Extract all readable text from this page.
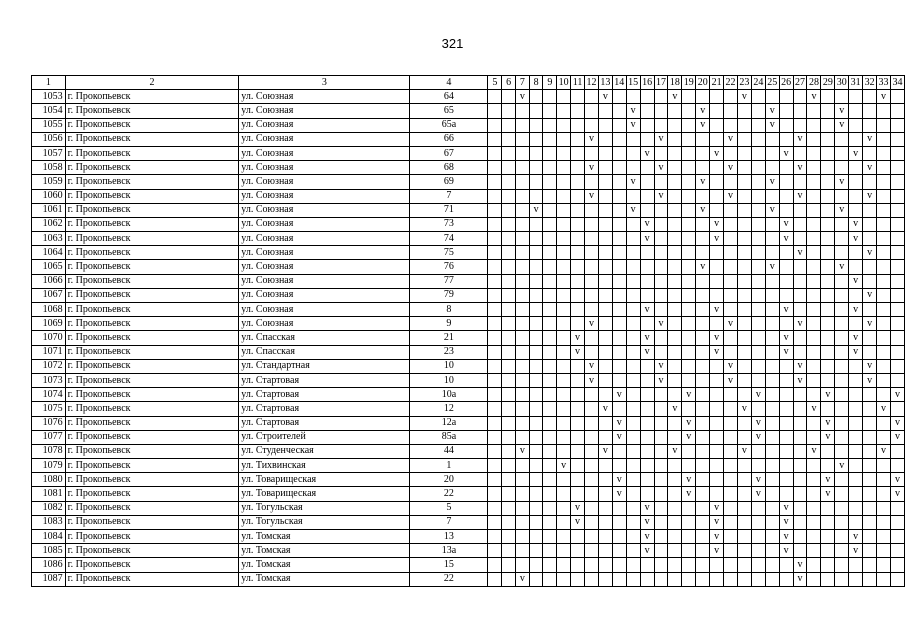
321
1	2	3	4	5	6	7	8	9	10	11	12	13	14	15	16	17	18	19	20	21	22	23	24	25	26	27	28	29	30	31	32	33	34
1053	г. Прокопьевск	ул. Союзная	64			v						v					v					v					v					v	
1054	г. Прокопьевск	ул. Союзная	65											v					v					v					v				
1055	г. Прокопьевск	ул. Союзная	65а											v					v					v					v				
1056	г. Прокопьевск	ул. Союзная	66								v					v					v					v					v		
1057	г. Прокопьевск	ул. Союзная	67												v					v					v					v			
1058	г. Прокопьевск	ул. Союзная	68								v					v					v					v					v		
1059	г. Прокопьевск	ул. Союзная	69											v					v					v					v				
1060	г. Прокопьевск	ул. Союзная	7								v					v					v					v					v		
1061	г. Прокопьевск	ул. Союзная	71				v							v					v					v					v				
1062	г. Прокопьевск	ул. Союзная	73												v					v					v					v			
1063	г. Прокопьевск	ул. Союзная	74												v					v					v					v			
1064	г. Прокопьевск	ул. Союзная	75																							v					v		
1065	г. Прокопьевск	ул. Союзная	76																v					v					v				
1066	г. Прокопьевск	ул. Союзная	77																											v			
1067	г. Прокопьевск	ул. Союзная	79																												v		
1068	г. Прокопьевск	ул. Союзная	8												v					v					v					v			
1069	г. Прокопьевск	ул. Союзная	9								v					v					v					v					v		
1070	г. Прокопьевск	ул. Спасская	21							v					v					v					v					v			
1071	г. Прокопьевск	ул. Спасская	23							v					v					v					v					v			
1072	г. Прокопьевск	ул. Стандартная	10								v					v					v					v					v		
1073	г. Прокопьевск	ул. Стартовая	10								v					v					v					v					v		
1074	г. Прокопьевск	ул. Стартовая	10а										v					v					v					v					v
1075	г. Прокопьевск	ул. Стартовая	12									v					v					v					v					v	
1076	г. Прокопьевск	ул. Стартовая	12а										v					v					v					v					v
1077	г. Прокопьевск	ул. Строителей	85а										v					v					v					v					v
1078	г. Прокопьевск	ул. Студенческая	44			v						v					v					v					v					v	
1079	г. Прокопьевск	ул. Тихвинская	1						v																				v				
1080	г. Прокопьевск	ул. Товарищеская	20										v					v					v					v					v
1081	г. Прокопьевск	ул. Товарищеская	22										v					v					v					v					v
1082	г. Прокопьевск	ул. Тогульская	5							v					v					v					v								
1083	г. Прокопьевск	ул. Тогульская	7							v					v					v					v								
1084	г. Прокопьевск	ул. Томская	13												v					v					v					v			
1085	г. Прокопьевск	ул. Томская	13а												v					v					v					v			
1086	г. Прокопьевск	ул. Томская	15																							v							
1087	г. Прокопьевск	ул. Томская	22			v																				v							
